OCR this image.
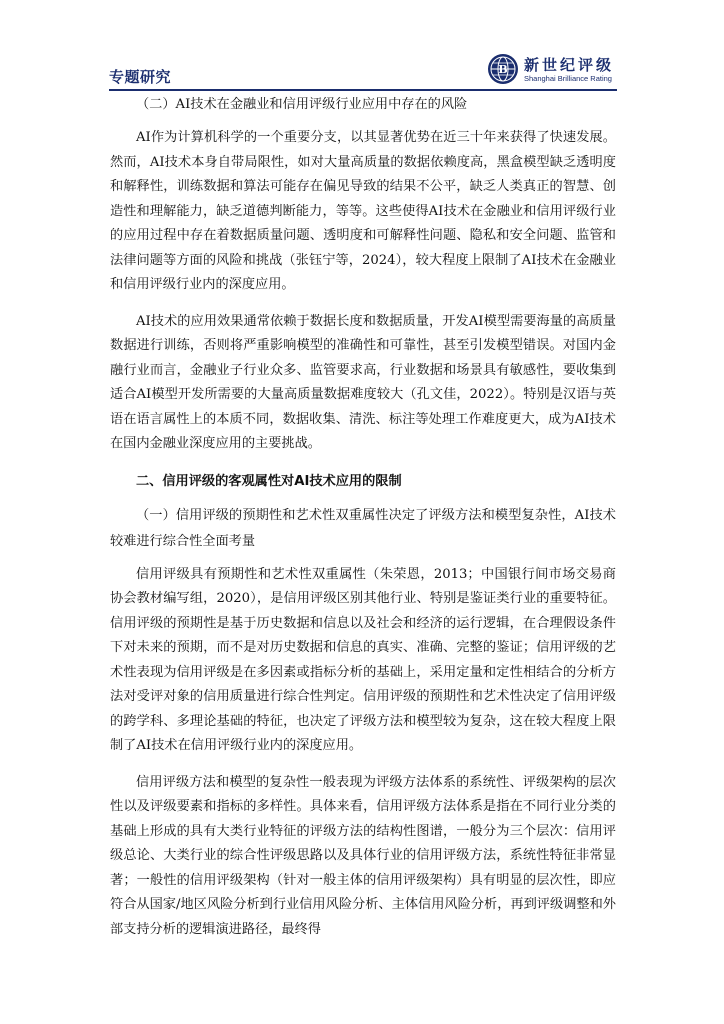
专题研究	B 新世纪评级
Shanghai Brilliance Rating

（二）AI技术在金融业和信用评级行业应用中存在的风险

AI作为计算机科学的一个重要分支，以其显著优势在近三十年来获得了快速发展。然而，AI技术本身自带局限性，如对大量高质量的数据依赖度高，黑盒模型缺乏透明度和解释性，训练数据和算法可能存在偏见导致的结果不公平，缺乏人类真正的智慧、创造性和理解能力，缺乏道德判断能力，等等。这些使得AI技术在金融业和信用评级行业的应用过程中存在着数据质量问题、透明度和可解释性问题、隐私和安全问题、监管和法律问题等方面的风险和挑战（张钰宁等，2024），较大程度上限制了AI技术在金融业和信用评级行业内的深度应用。

AI技术的应用效果通常依赖于数据长度和数据质量，开发AI模型需要海量的高质量数据进行训练，否则将严重影响模型的准确性和可靠性，甚至引发模型错误。对国内金融行业而言，金融业子行业众多、监管要求高，行业数据和场景具有敏感性，要收集到适合AI模型开发所需要的大量高质量数据难度较大（孔文佳，2022）。特别是汉语与英语在语言属性上的本质不同，数据收集、清洗、标注等处理工作难度更大，成为AI技术在国内金融业深度应用的主要挑战。

二、信用评级的客观属性对AI技术应用的限制

（一）信用评级的预期性和艺术性双重属性决定了评级方法和模型复杂性，AI技术较难进行综合性全面考量

信用评级具有预期性和艺术性双重属性（朱荣恩，2013；中国银行间市场交易商协会教材编写组，2020），是信用评级区别其他行业、特别是鉴证类行业的重要特征。信用评级的预期性是基于历史数据和信息以及社会和经济的运行逻辑，在合理假设条件下对未来的预期，而不是对历史数据和信息的真实、准确、完整的鉴证；信用评级的艺术性表现为信用评级是在多因素或指标分析的基础上，采用定量和定性相结合的分析方法对受评对象的信用质量进行综合性判定。信用评级的预期性和艺术性决定了信用评级的跨学科、多理论基础的特征，也决定了评级方法和模型较为复杂，这在较大程度上限制了AI技术在信用评级行业内的深度应用。

信用评级方法和模型的复杂性一般表现为评级方法体系的系统性、评级架构的层次性以及评级要素和指标的多样性。具体来看，信用评级方法体系是指在不同行业分类的基础上形成的具有大类行业特征的评级方法的结构性图谱，一般分为三个层次：信用评级总论、大类行业的综合性评级思路以及具体行业的信用评级方法，系统性特征非常显著；一般性的信用评级架构（针对一般主体的信用评级架构）具有明显的层次性，即应符合从国家/地区风险分析到行业信用风险分析、主体信用风险分析，再到评级调整和外部支持分析的逻辑演进路径，最终得
